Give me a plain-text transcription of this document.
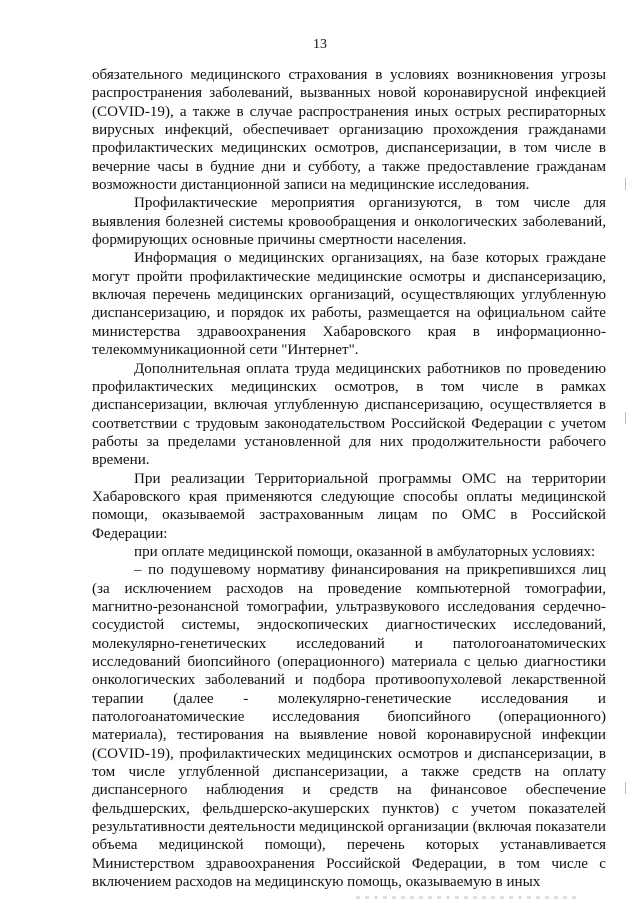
13

обязательного медицинского страхования в условиях возникновения угрозы распространения заболеваний, вызванных новой коронавирусной инфекцией (COVID-19), а также в случае распространения иных острых респираторных вирусных инфекций, обеспечивает организацию прохождения гражданами профилактических медицинских осмотров, диспансеризации, в том числе в вечерние часы в будние дни и субботу, а также предоставление гражданам возможности дистанционной записи на медицинские исследования.

Профилактические мероприятия организуются, в том числе для выявления болезней системы кровообращения и онкологических заболеваний, формирующих основные причины смертности населения.

Информация о медицинских организациях, на базе которых граждане могут пройти профилактические медицинские осмотры и диспансеризацию, включая перечень медицинских организаций, осуществляющих углубленную диспансеризацию, и порядок их работы, размещается на официальном сайте министерства здравоохранения Хабаровского края в информационно-телекоммуникационной сети "Интернет".

Дополнительная оплата труда медицинских работников по проведению профилактических медицинских осмотров, в том числе в рамках диспансеризации, включая углубленную диспансеризацию, осуществляется в соответствии с трудовым законодательством Российской Федерации с учетом работы за пределами установленной для них продолжительности рабочего времени.

При реализации Территориальной программы ОМС на территории Хабаровского края применяются следующие способы оплаты медицинской помощи, оказываемой застрахованным лицам по ОМС в Российской Федерации:

при оплате медицинской помощи, оказанной в амбулаторных условиях:

– по подушевому нормативу финансирования на прикрепившихся лиц (за исключением расходов на проведение компьютерной томографии, магнитно-резонансной томографии, ультразвукового исследования сердечно-сосудистой системы, эндоскопических диагностических исследований, молекулярно-генетических исследований и патологоанатомических исследований биопсийного (операционного) материала с целью диагностики онкологических заболеваний и подбора противоопухолевой лекарственной терапии (далее - молекулярно-генетические исследования и патологоанатомические исследования биопсийного (операционного) материала), тестирования на выявление новой коронавирусной инфекции (COVID-19), профилактических медицинских осмотров и диспансеризации, в том числе углубленной диспансеризации, а также средств на оплату диспансерного наблюдения и средств на финансовое обеспечение фельдшерских, фельдшерско-акушерских пунктов) с учетом показателей результативности деятельности медицинской организации (включая показатели объема медицинской помощи), перечень которых устанавливается Министерством здравоохранения Российской Федерации, в том числе с включением расходов на медицинскую помощь, оказываемую в иных
